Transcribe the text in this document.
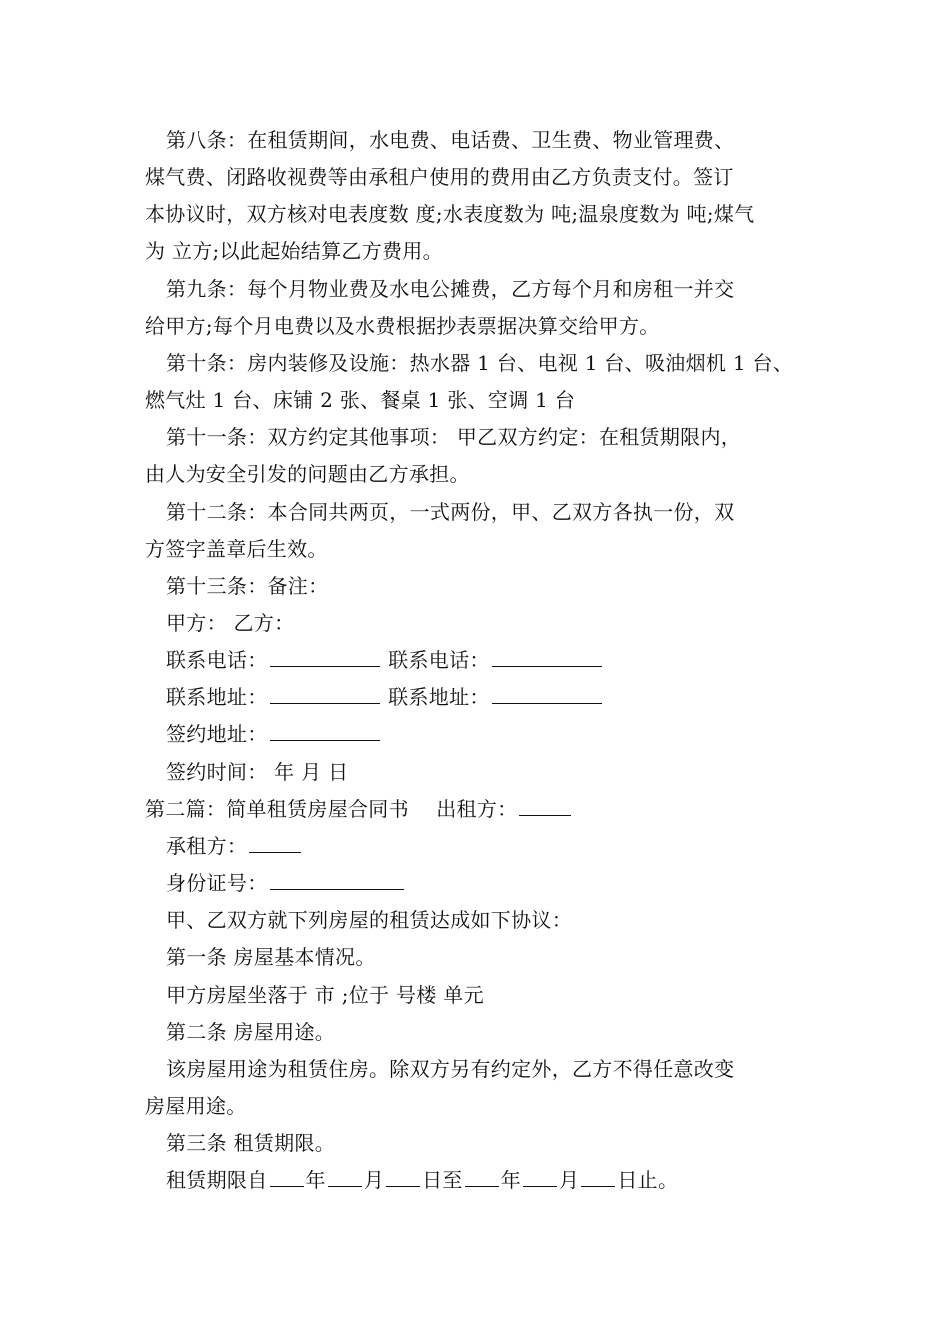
第八条：在租赁期间，水电费、电话费、卫生费、物业管理费、

煤气费、闭路收视费等由承租户使用的费用由乙方负责支付。签订

本协议时，双方核对电表度数 度;水表度数为 吨;温泉度数为 吨;煤气

为 立方;以此起始结算乙方费用。

第九条：每个月物业费及水电公摊费，乙方每个月和房租一并交

给甲方;每个月电费以及水费根据抄表票据决算交给甲方。

第十条：房内装修及设施：热水器 1 台、电视 1 台、吸油烟机 1 台、

燃气灶 1 台、床铺 2 张、餐桌 1 张、空调 1 台

第十一条：双方约定其他事项： 甲乙双方约定：在租赁期限内，

由人为安全引发的问题由乙方承担。

第十二条：本合同共两页，一式两份，甲、乙双方各执一份，双

方签字盖章后生效。

第十三条：备注：

甲方： 乙方：

联系电话：	联系电话：

联系地址：	联系地址：

签约地址：

签约时间： 年 月 日

第二篇：简单租赁房屋合同书 出租方：

承租方：

身份证号：

甲、乙双方就下列房屋的租赁达成如下协议：

第一条 房屋基本情况。

甲方房屋坐落于 市 ;位于 号楼 单元

第二条 房屋用途。

该房屋用途为租赁住房。除双方另有约定外，乙方不得任意改变

房屋用途。

第三条 租赁期限。

租赁期限自 年 月 日至 年 月 日止。
